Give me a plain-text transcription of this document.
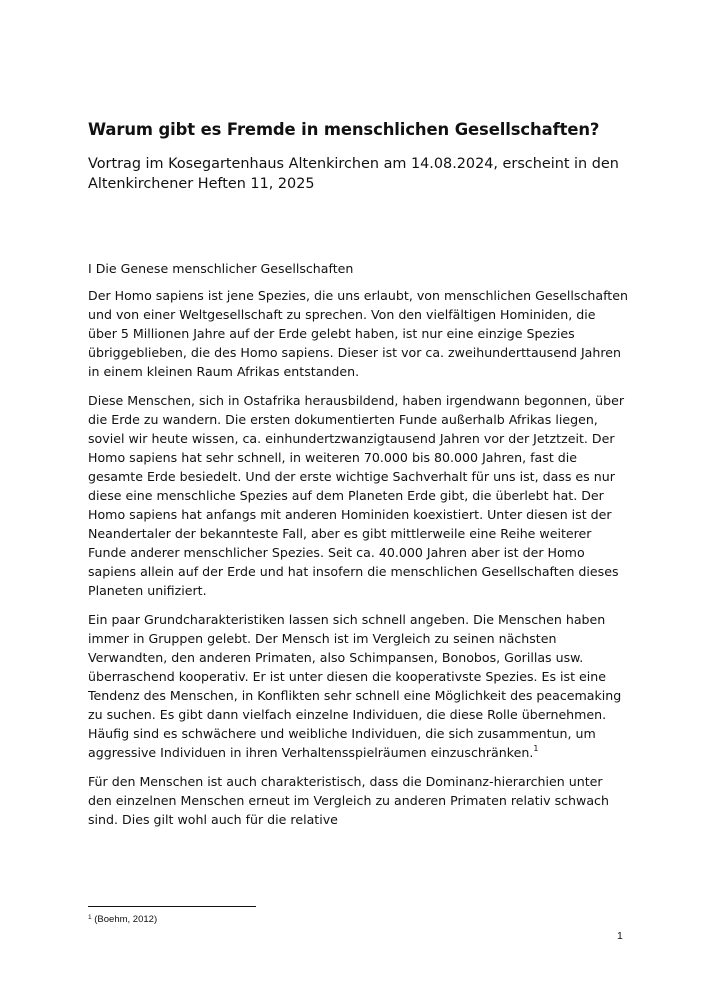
Warum gibt es Fremde in menschlichen Gesellschaften?
Vortrag im Kosegartenhaus Altenkirchen am 14.08.2024, erscheint in den Altenkirchener Heften 11, 2025
I Die Genese menschlicher Gesellschaften

Der Homo sapiens ist jene Spezies, die uns erlaubt, von menschlichen Gesellschaften und von einer Weltgesellschaft zu sprechen. Von den vielfältigen Hominiden, die über 5 Millionen Jahre auf der Erde gelebt haben, ist nur eine einzige Spezies übriggeblieben, die des Homo sapiens. Dieser ist vor ca. zweihunderttausend Jahren in einem kleinen Raum Afrikas entstanden.

Diese Menschen, sich in Ostafrika herausbildend, haben irgendwann begonnen, über die Erde zu wandern. Die ersten dokumentierten Funde außerhalb Afrikas liegen, soviel wir heute wissen, ca. einhundertzwanzigtausend Jahren vor der Jetztzeit. Der Homo sapiens hat sehr schnell, in weiteren 70.000 bis 80.000 Jahren, fast die gesamte Erde besiedelt. Und der erste wichtige Sachverhalt für uns ist, dass es nur diese eine menschliche Spezies auf dem Planeten Erde gibt, die überlebt hat. Der Homo sapiens hat anfangs mit anderen Hominiden koexistiert. Unter diesen ist der Neandertaler der bekannteste Fall, aber es gibt mittlerweile eine Reihe weiterer Funde anderer menschlicher Spezies. Seit ca. 40.000 Jahren aber ist der Homo sapiens allein auf der Erde und hat insofern die menschlichen Gesellschaften dieses Planeten unifiziert.

Ein paar Grundcharakteristiken lassen sich schnell angeben. Die Menschen haben immer in Gruppen gelebt. Der Mensch ist im Vergleich zu seinen nächsten Verwandten, den anderen Primaten, also Schimpansen, Bonobos, Gorillas usw. überraschend kooperativ. Er ist unter diesen die kooperativste Spezies. Es ist eine Tendenz des Menschen, in Konflikten sehr schnell eine Möglichkeit des peacemaking zu suchen. Es gibt dann vielfach einzelne Individuen, die diese Rolle übernehmen. Häufig sind es schwächere und weibliche Individuen, die sich zusammentun, um aggressive Individuen in ihren Verhaltensspielräumen einzuschränken.$^1$

Für den Menschen ist auch charakteristisch, dass die Dominanz-hierarchien unter den einzelnen Menschen erneut im Vergleich zu anderen Primaten relativ schwach sind. Dies gilt wohl auch für die relative

$^1$ (Boehm, 2012)
1
